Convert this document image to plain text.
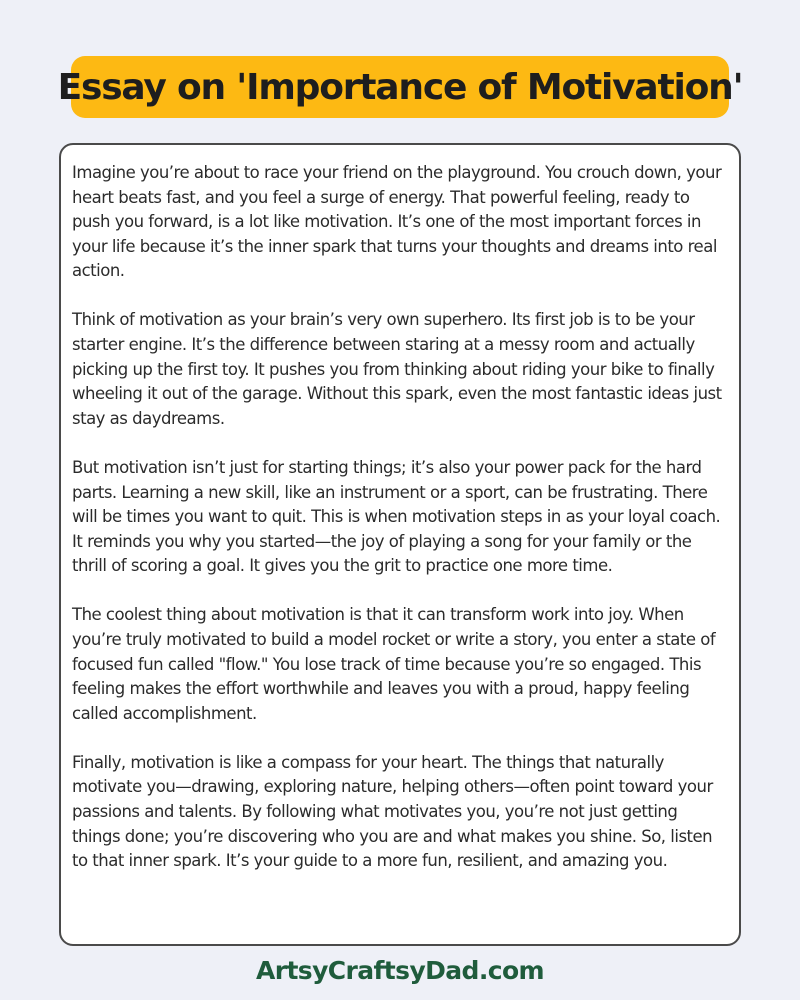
Essay on 'Importance of Motivation'

Imagine you’re about to race your friend on the playground. You crouch down, your heart beats fast, and you feel a surge of energy. That powerful feeling, ready to push you forward, is a lot like motivation. It’s one of the most important forces in your life because it’s the inner spark that turns your thoughts and dreams into real action.

Think of motivation as your brain’s very own superhero. Its first job is to be your starter engine. It’s the difference between staring at a messy room and actually picking up the first toy. It pushes you from thinking about riding your bike to finally wheeling it out of the garage. Without this spark, even the most fantastic ideas just stay as daydreams.

But motivation isn’t just for starting things; it’s also your power pack for the hard parts. Learning a new skill, like an instrument or a sport, can be frustrating. There will be times you want to quit. This is when motivation steps in as your loyal coach. It reminds you why you started—the joy of playing a song for your family or the thrill of scoring a goal. It gives you the grit to practice one more time.

The coolest thing about motivation is that it can transform work into joy. When you’re truly motivated to build a model rocket or write a story, you enter a state of focused fun called "flow." You lose track of time because you’re so engaged. This feeling makes the effort worthwhile and leaves you with a proud, happy feeling called accomplishment.

Finally, motivation is like a compass for your heart. The things that naturally motivate you—drawing, exploring nature, helping others—often point toward your passions and talents. By following what motivates you, you’re not just getting things done; you’re discovering who you are and what makes you shine. So, listen to that inner spark. It’s your guide to a more fun, resilient, and amazing you.

ArtsyCraftsyDad.com
